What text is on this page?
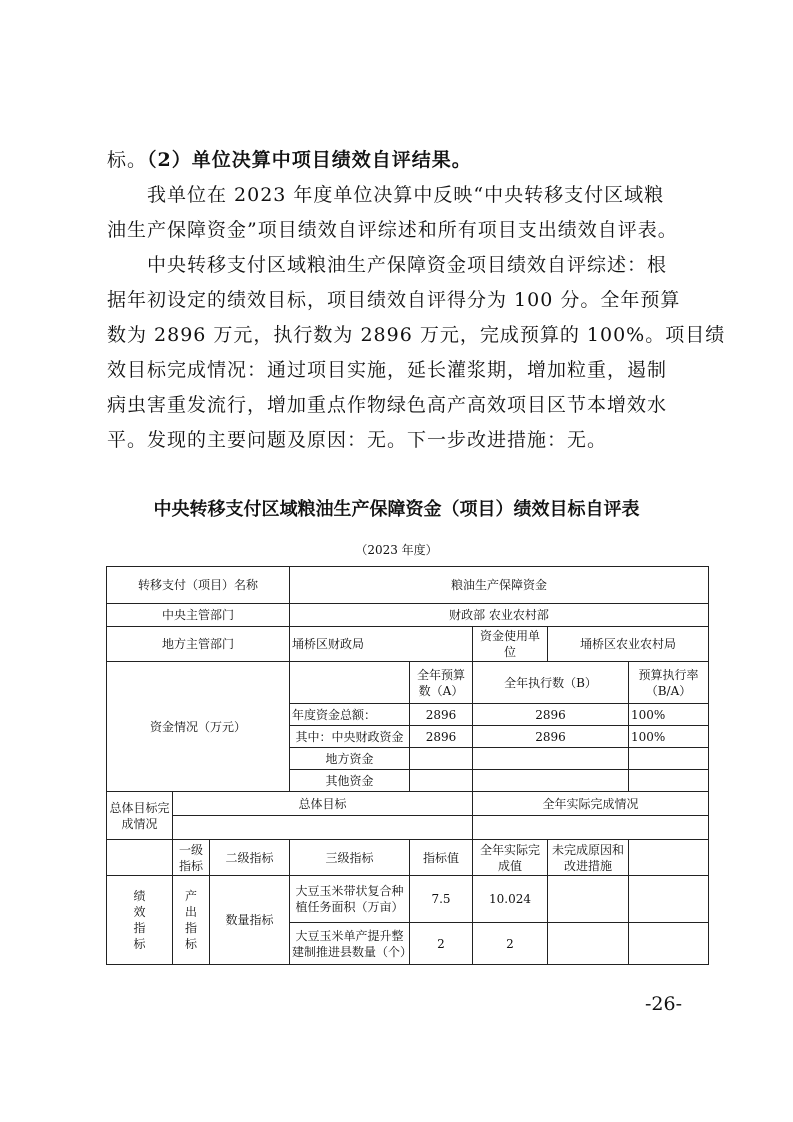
标。（2）单位决算中项目绩效自评结果。
我单位在 2023 年度单位决算中反映“中央转移支付区域粮
油生产保障资金”项目绩效自评综述和所有项目支出绩效自评表。
中央转移支付区域粮油生产保障资金项目绩效自评综述：根
据年初设定的绩效目标，项目绩效自评得分为 100 分。全年预算
数为 2896 万元，执行数为 2896 万元，完成预算的 100%。项目绩
效目标完成情况：通过项目实施，延长灌浆期，增加粒重，遏制
病虫害重发流行，增加重点作物绿色高产高效项目区节本增效水
平。发现的主要问题及原因：无。下一步改进措施：无。
中央转移支付区域粮油生产保障资金（项目）绩效目标自评表
（2023 年度）
转移支付（项目）名称			粮油生产保障资金				
中央主管部门			财政部 农业农村部				
地方主管部门			埇桥区财政局		资金使用单位	埇桥区农业农村局	
资金情况（万元）				全年预算数（A）	全年执行数（B）		预算执行率（B/A）
			年度资金总额：	2896	2896		100%
			其中：中央财政资金	2896	2896		100%
			地方资金				
			其他资金				
总体目标完成情况	总体目标				全年实际完成情况		

	一级指标	二级指标	三级指标	指标值	全年实际完成值	未完成原因和改进措施	
绩效指标	产出指标	数量指标	大豆玉米带状复合种植任务面积（万亩）	7.5	10.024		
			大豆玉米单产提升整建制推进县数量（个）	2	2		
-26-
